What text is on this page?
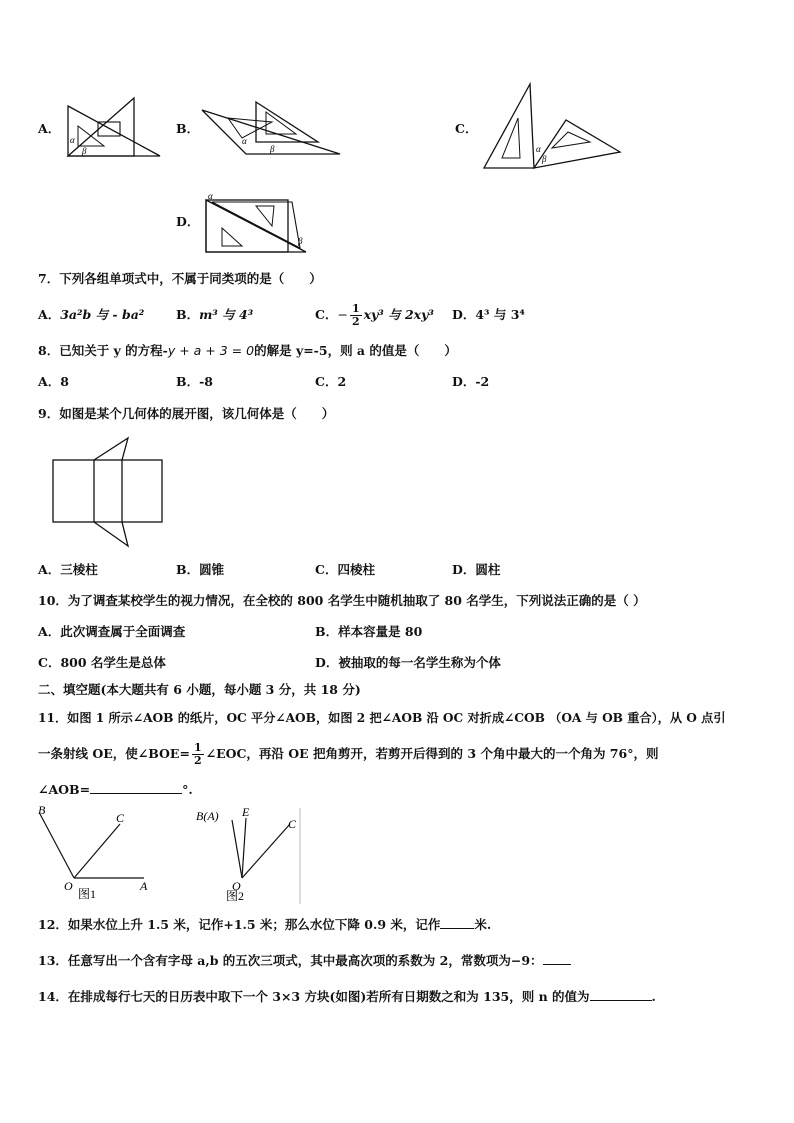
A．
α
β
B．
α
β
C．
α
β
D．
α
β
7．下列各组单项式中，不属于同类项的是（　　）
A．3a²b 与 - ba²	B．m³ 与 4³	C．− $\frac{1}{2} xy^3$ 与 2xy³ D．4³ 与 3⁴
8．已知关于 y 的方程-y + a + 3 = 0的解是 y=-5，则 a 的值是（　　）
A．8	B．-8	C．2	D．-2
9．如图是某个几何体的展开图，该几何体是（　　）
A．三棱柱	B．圆锥	C．四棱柱	D．圆柱
10．为了调查某校学生的视力情况，在全校的 800 名学生中随机抽取了 80 名学生，下列说法正确的是（ ）
A．此次调查属于全面调查	B．样本容量是 80
C．800 名学生是总体	D．被抽取的每一名学生称为个体
二、填空题(本大题共有 6 小题，每小题 3 分，共 18 分)
11．如图 1 所示∠AOB 的纸片，OC 平分∠AOB，如图 2 把∠AOB 沿 OC 对折成∠COB （OA 与 OB 重合），从 O 点引
一条射线 OE，使∠BOE= $\frac{1}{2}$ ∠EOC，再沿 OE 把角剪开，若剪开后得到的 3 个角中最大的一个角为 76°，则
∠AOB=	°.
B
C
O	A
图1
B(A) E
C
O
图2
12．如果水位上升 1.5 米，记作+1.5 米；那么水位下降 0.9 米，记作	米.
13．任意写出一个含有字母 a,b 的五次三项式，其中最高次项的系数为 2，常数项为−9：
14．在排成每行七天的日历表中取下一个 3×3 方块(如图)若所有日期数之和为 135，则 n 的值为	.
